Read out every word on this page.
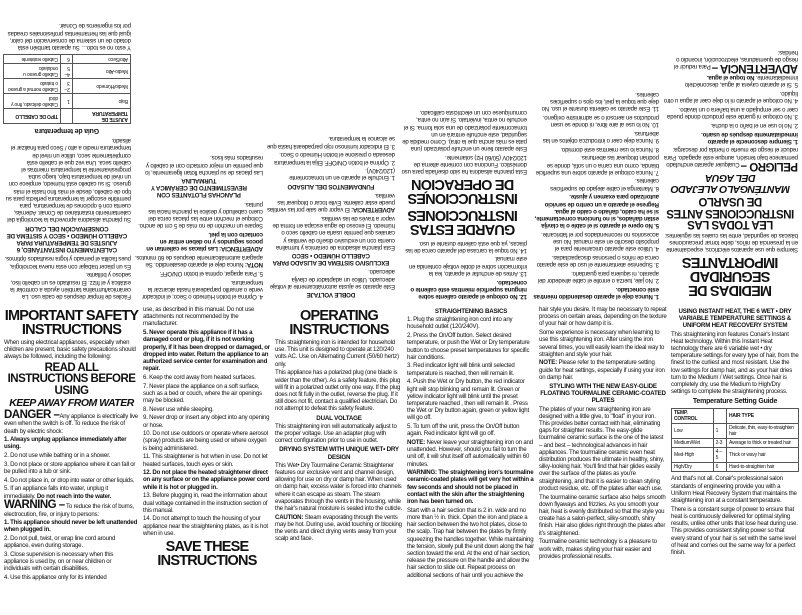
MEDIDAS DE SEGURIDAD IMPORTANTES
Siempre que use aparatos eléctricos, especialmente en la presencia de niños, debe tomar precauciones básicas de seguridad, entre las cuales las siguientes:
LEA TODAS LAS INSTRUCCIONES ANTES DE USARLO
MANTÉNGALO ALEJADO DEL AGUA
PELIGRO – Cualquier aparato enchufado permanece bajo tensión, aunque esté apagado. Para reducir el riesgo de muerte o herida por descarga:
1. Siempre desconecte el aparato inmediatamente después de usarlo.
2. No lo use en el baño o la ducha.
3. No coloque ni guarde este producto donde pueda caer o ser empujado a una bañera o un lavabo.
4. No coloque el aparato ni lo deje caer al agua u otro líquido.
5. Si el aparato cayera al agua, desconéctelo inmediatamente. No toque el agua.
ADVERTENCIA – Para reducir el riesgo de quemaduras, electrocución, incendio o heridas:
1. Nunca deje el aparato desatendido mientras esté conectado.
2. No jale, tuerza o enrolle el cable alrededor del aparato, ni siquiera para guardarlo.
3. Supervise atentamente el uso de este aparato cerca de niños o personas discapacitadas.
4. Utilice este aparato únicamente para el propósito descrito en este manual. No use accesorios no recomendados por el fabricante.
5. No opere el aparato si el cable o la clavija están dañados, si no funciona correctamente, si se ha caído, dañado o caído al agua. Regrese el aparato a un centro de servicio autorizado para examen y ajuste.
6. Mantenga el cable alejado de superficies calientes.
7. Nunca coloque el aparato sobre una superficie blanda, como una cama o un sofá, donde se podrían bloquear las aberturas.
8. Nunca lo use mientras esté dormido.
9. Nunca deje caer o introduzca objetos en las aberturas.
10. No lo use al aire libre, ni donde se usen productos en aerosol o se administre oxígeno.
11. Este aparato se calienta durante el uso. No deje que toque la piel, los ojos o superficies calientes.
12. No coloque el aparato caliente sobre ninguna superficie mientras esté caliente o conectado.
13. Antes de enchufar el aparato, lea la información sobre el doble voltaje contenida en este manual.
14. No toque la carcasa del aparato cerca de las placas, ya que está caliente durante el uso.
GUARDE ESTAS INSTRUCCIONES
INSTRUCCIONES DE OPERACIÓN
Esta plancha alisadora ha sido diseñada para uso doméstico. Funciona con corriente alterna de 120/240V (50/60 Hz) solamente.
Este aparato tiene un enchufe polarizado (una pata es más ancha que la otra). Como medida de seguridad, este enchufe entrará en un tomacorriente polarizado de una sola forma. Si el enchufe no entra, inviértalo. Si aún no entra, comuníquese con un electricista calificado.
DOBLE VOLTAJE
Este aparato se ajusta automáticamente al voltaje adecuado. Utilice un adaptador de clavija adecuado.
EXCLUSIVO SISTEMA DE ALISADO PARA CABELLO HÚMEDO • SECO
Esta plancha alisadora de cerámica y turmalina cuenta con un exclusivo diseño de ventilas y canales que permite usarla en cabello seco o húmedo. El exceso de agua escapa en forma de vapor a través de las ventilas.
ADVERTENCIA: El vapor que sale por las ventilas puede estar caliente. Evite tocar o bloquear las ventilas.
FUNDAMENTOS DEL ALISADO
1. Enchufe el aparato en un tomacorriente (120/240V).
2. Oprima el botón ON/OFF. Elija la temperatura deseada o presione el botón Húmedo o Seco.
3. El indicador luminoso rojo parpadeará hasta que se alcance la temperatura.
4. Oprima el botón Húmedo o Seco; el indicador verde o amarillo parpadeará hasta alcanzar la temperatura.
5. Para apagar, oprima el botón ON/OFF.
NOTA: Nunca deje el aparato desatendido. Se apagará automáticamente después de 60 minutos.
ADVERTENCIA: Las placas se calientan en pocos segundos y no deben entrar en contacto con la piel.
Separe un mechón de no más de 5 cm de ancho. Coloque el mechón entre las placas cerca del cuero cabelludo y deslice la plancha hacia las puntas.
PLANCHAS FLOTANTES CON REVESTIMIENTO DE CERÁMICA Y TURMALINA
Las placas de su plancha flotan ligeramente, lo que permite un mejor contacto con el cabello y resultados más lisos.
Fáciles de limpiar después de cada uso. La cerámica/turmalina también ayuda a controlar la estática y el frizz. El resultado es un cabello liso, sedoso y brillante.
Es un placer trabajar con esta nueva tecnología, pues facilita el peinado y logra resultados óptimos.
CALENTAMIENTO INSTANTÁNEO, 6 AJUSTES DE TEMPERATURA PARA CABELLO HÚMEDO • SECO Y SISTEMA DE CONSERVACIÓN DEL CALOR
Su plancha alisadora aprovecha la tecnología del calentamiento instantáneo de Conair. Además, cuenta con 6 opciones de temperatura, para permitirle escoger la temperatura perfecta para su tipo de cabello, desde el más fino hasta el más grueso. Si su cabello está húmedo, empiece con un nivel de temperatura bajo, luego suba progresivamente la temperatura mientras el cabello seca. Una vez que el cabello está completamente seco, utilice un nivel de temperatura medio a alto / Seco para finalizar el alisado.
Guía de temperatura
AJUSTE DE TEMPERATURA		TIPO DE CABELLO
Bajo	1	Cabello delicado, fino y dócil
Medio/Húmedo	2–3	Cabello normal a grueso o tratado
Medio-Alto	4–5	Cabello grueso u ondulado
Alto/Seco	6	Cabello resistente
Y esto no es todo… Su aparato también está dotado de un sistema de conservación del calor, igual que las herramientas profesionales creadas por los ingenieros de Conair.
IMPORTANT SAFETY INSTRUCTIONS
When using electrical appliances, especially when children are present, basic safety precautions should always be followed, including the following:
READ ALL INSTRUCTIONS BEFORE USING
KEEP AWAY FROM WATER
DANGER –Any appliance is electrically live even when the switch is off. To reduce the risk of death by electric shock:
1. Always unplug appliance immediately after using.
2. Do not use while bathing or in a shower.
3. Do not place or store appliance where it can fall or be pulled into a tub or sink.
4. Do not place in, or drop into water or other liquids.
5. If an appliance falls into water, unplug it immediately. Do not reach into the water.
WARNING – To reduce the risk of burns, electrocution, fire, or injury to persons:
1. This appliance should never be left unattended when plugged in.
2. Do not pull, twist, or wrap line cord around appliance, even during storage.
3. Close supervision is necessary when this appliance is used by, on or near children or individuals with certain disabilities.
4. Use this appliance only for its intended
use, as described in this manual. Do not use attachments not recommended by the manufacturer.
5. Never operate this appliance if it has a damaged cord or plug, if it is not working properly, if it has been dropped or damaged, or dropped into water. Return the appliance to an authorized service center for examination and repair.
6. Keep the cord away from heated surfaces.
7. Never place the appliance on a soft surface, such as a bed or couch, where the air openings may be blocked.
8. Never use while sleeping.
9. Never drop or insert any object into any opening or hose.
10. Do not use outdoors or operate where aerosol (spray) products are being used or where oxygen is being administered.
11. This straightener is hot when in use. Do not let heated surfaces, touch eyes or skin.
12. Do not place the heated straightener direct on any surface or on the appliance power cord while it is hot or plugged in.
13. Before plugging in, read the information about dual voltage contained in the instruction section of this manual.
14. Do not attempt to touch the housing of your appliance near the straightening plates, as it is hot when in use.
SAVE THESE INSTRUCTIONS
OPERATING INSTRUCTIONS
This straightening iron is intended for household use. This unit is designed to operate at 120/240 volts AC. Use on Alternating Current (50/60 hertz) only.
This appliance has a polarized plug (one blade is wider than the other). As a safety feature, this plug will fit in a polarized outlet only one way. If the plug does not fit fully in the outlet, reverse the plug. If it still does not fit, contact a qualified electrician. Do not attempt to defeat this safety feature.
DUAL VOLTAGE
This straightening iron will automatically adjust to the proper voltage. Use an adapter plug with correct configuration prior to use in outlet.
DRYING SYSTEM WITH UNIQUE WET• DRY DESIGN
This Wet• Dry Tourmaline Ceramic Straightener features our exclusive vent and channel design, allowing for use on dry or damp hair. When used on damp hair, excess water is forced into channels where it can escape as steam. The steam evaporates through the vents in the housing, while the hair's natural moisture is sealed into the cuticle.
CAUTION: Steam evaporating through the vents may be hot. During use, avoid touching or blocking the vents and direct drying vents away from your scalp and face.
STRAIGHTENING BASICS
1. Plug the straightening iron cord into any household outlet (120/240V).
2. Press the On/Off button. Select desired temperature, or push the Wet or Dry temperature button to choose preset temperatures for specific hair conditions.
3. Red indicator light will blink until selected temperature is reached, then will remain lit.
4. Push the Wet or Dry button, the red indicator light will stop blinking and remain lit. Green or yellow indicator light will blink until the preset temperature reached , then will remain lit . Press the Wet or Dry button again, green or yellow light will go off.
5. To turn off the unit, press the On/Off button again. Red indicator light will go off.
NOTE: Never leave your straightening iron on and unattended. However, should you fail to turn the unit off, it will shut itself off automatically within 60 minutes.
WARNING: The straightening iron's tourmaline ceramic-coated plates will get very hot within a few seconds and should not be placed in contact with the skin after the straightening iron has been turned on.
Start with a hair section that is 2 in. wide and no more than ½ in. thick. Open the iron and place a hair section between the two hot plates, close to the scalp. Trap hair between the plates by firmly squeezing the handles together. While maintaining the tension, slowly pull the unit down along the hair section toward the end. At the end of hair section, release the pressure on the handle and allow the hair section to slide out. Repeat process on additional sections of hair until you achieve the
hair style you desire. It may be necessary to repeat process on certain areas, depending on the texture of your hair or how damp it is.
Some experience is necessary when learning to use this straightening iron. After using the iron several times, you will easily learn the ideal way to straighten and style your hair.
NOTE: Please refer to the temperature setting guide for heat settings, especially if using your iron on damp hair.
STYLING WITH THE NEW EASY-GLIDE FLOATING TOURMALINE CERAMIC-COATED PLATES
The plates of your new straightening iron are designed with a little give, to "float" in your iron. This provides better contact with hair, eliminating gaps for straighter results. The easy-glide tourmaline ceramic surface is the one of the latest – and best – technological advances in hair appliances. The tourmaline ceramic even heat distribution produces the ultimate in healthy, shiny, silky-looking hair. You'll find that hair glides easily over the surface of the plates as you're straightening, and that it is easier to clean styling product residue, etc. off the plates after each use.
The tourmaline ceramic surface also helps smooth down flyaways and frizzies. As you smooth your hair, heat is evenly distributed so that the style you create has a salon-perfect, silky-smooth, shiny finish. Hair also glides right through the plates after it's straightened.
Tourmaline ceramic technology is a pleasure to work with, makes styling your hair easier and provides professional results.
USING INSTANT HEAT, THE 6 WET • DRY VARIABLE TEMPERATURE SETTINGS & UNIFORM HEAT RECOVERY SYSTEM
This straightening iron features Conair's Instant Heat technology. Within this Instant Heat technology there are 6 variable wet • dry temperature settings for every type of hair, from the finest to the curliest and most resistant. Use the low settings for damp hair, and as your hair dries turn to the Medium / Wet settings. Once hair is completely dry, use the Medium to High/Dry settings to complete the straightening process.
Temperature Setting Guide
TEMP. CONTROL		HAIR TYPE
Low	1	Delicate, thin, easy-to-straighten hair
Medium/Wet	2-3	Average to thick or treated hair
Med-High	4 –5	Thick or wavy hair
High/Dry	6	Hard-to-straighten hair
And that's not all. Conair's professional salon standards of engineering provide you with a Uniform Heat Recovery System that maintains the straightening iron at a constant temperature.
There is a constant surge of power to ensure that heat is continuously delivered for optimal styling results, unlike other units that lose heat during use. This provides consistent styling power so that every strand of your hair is set with the same level of heat and comes out the same way for a perfect finish.
